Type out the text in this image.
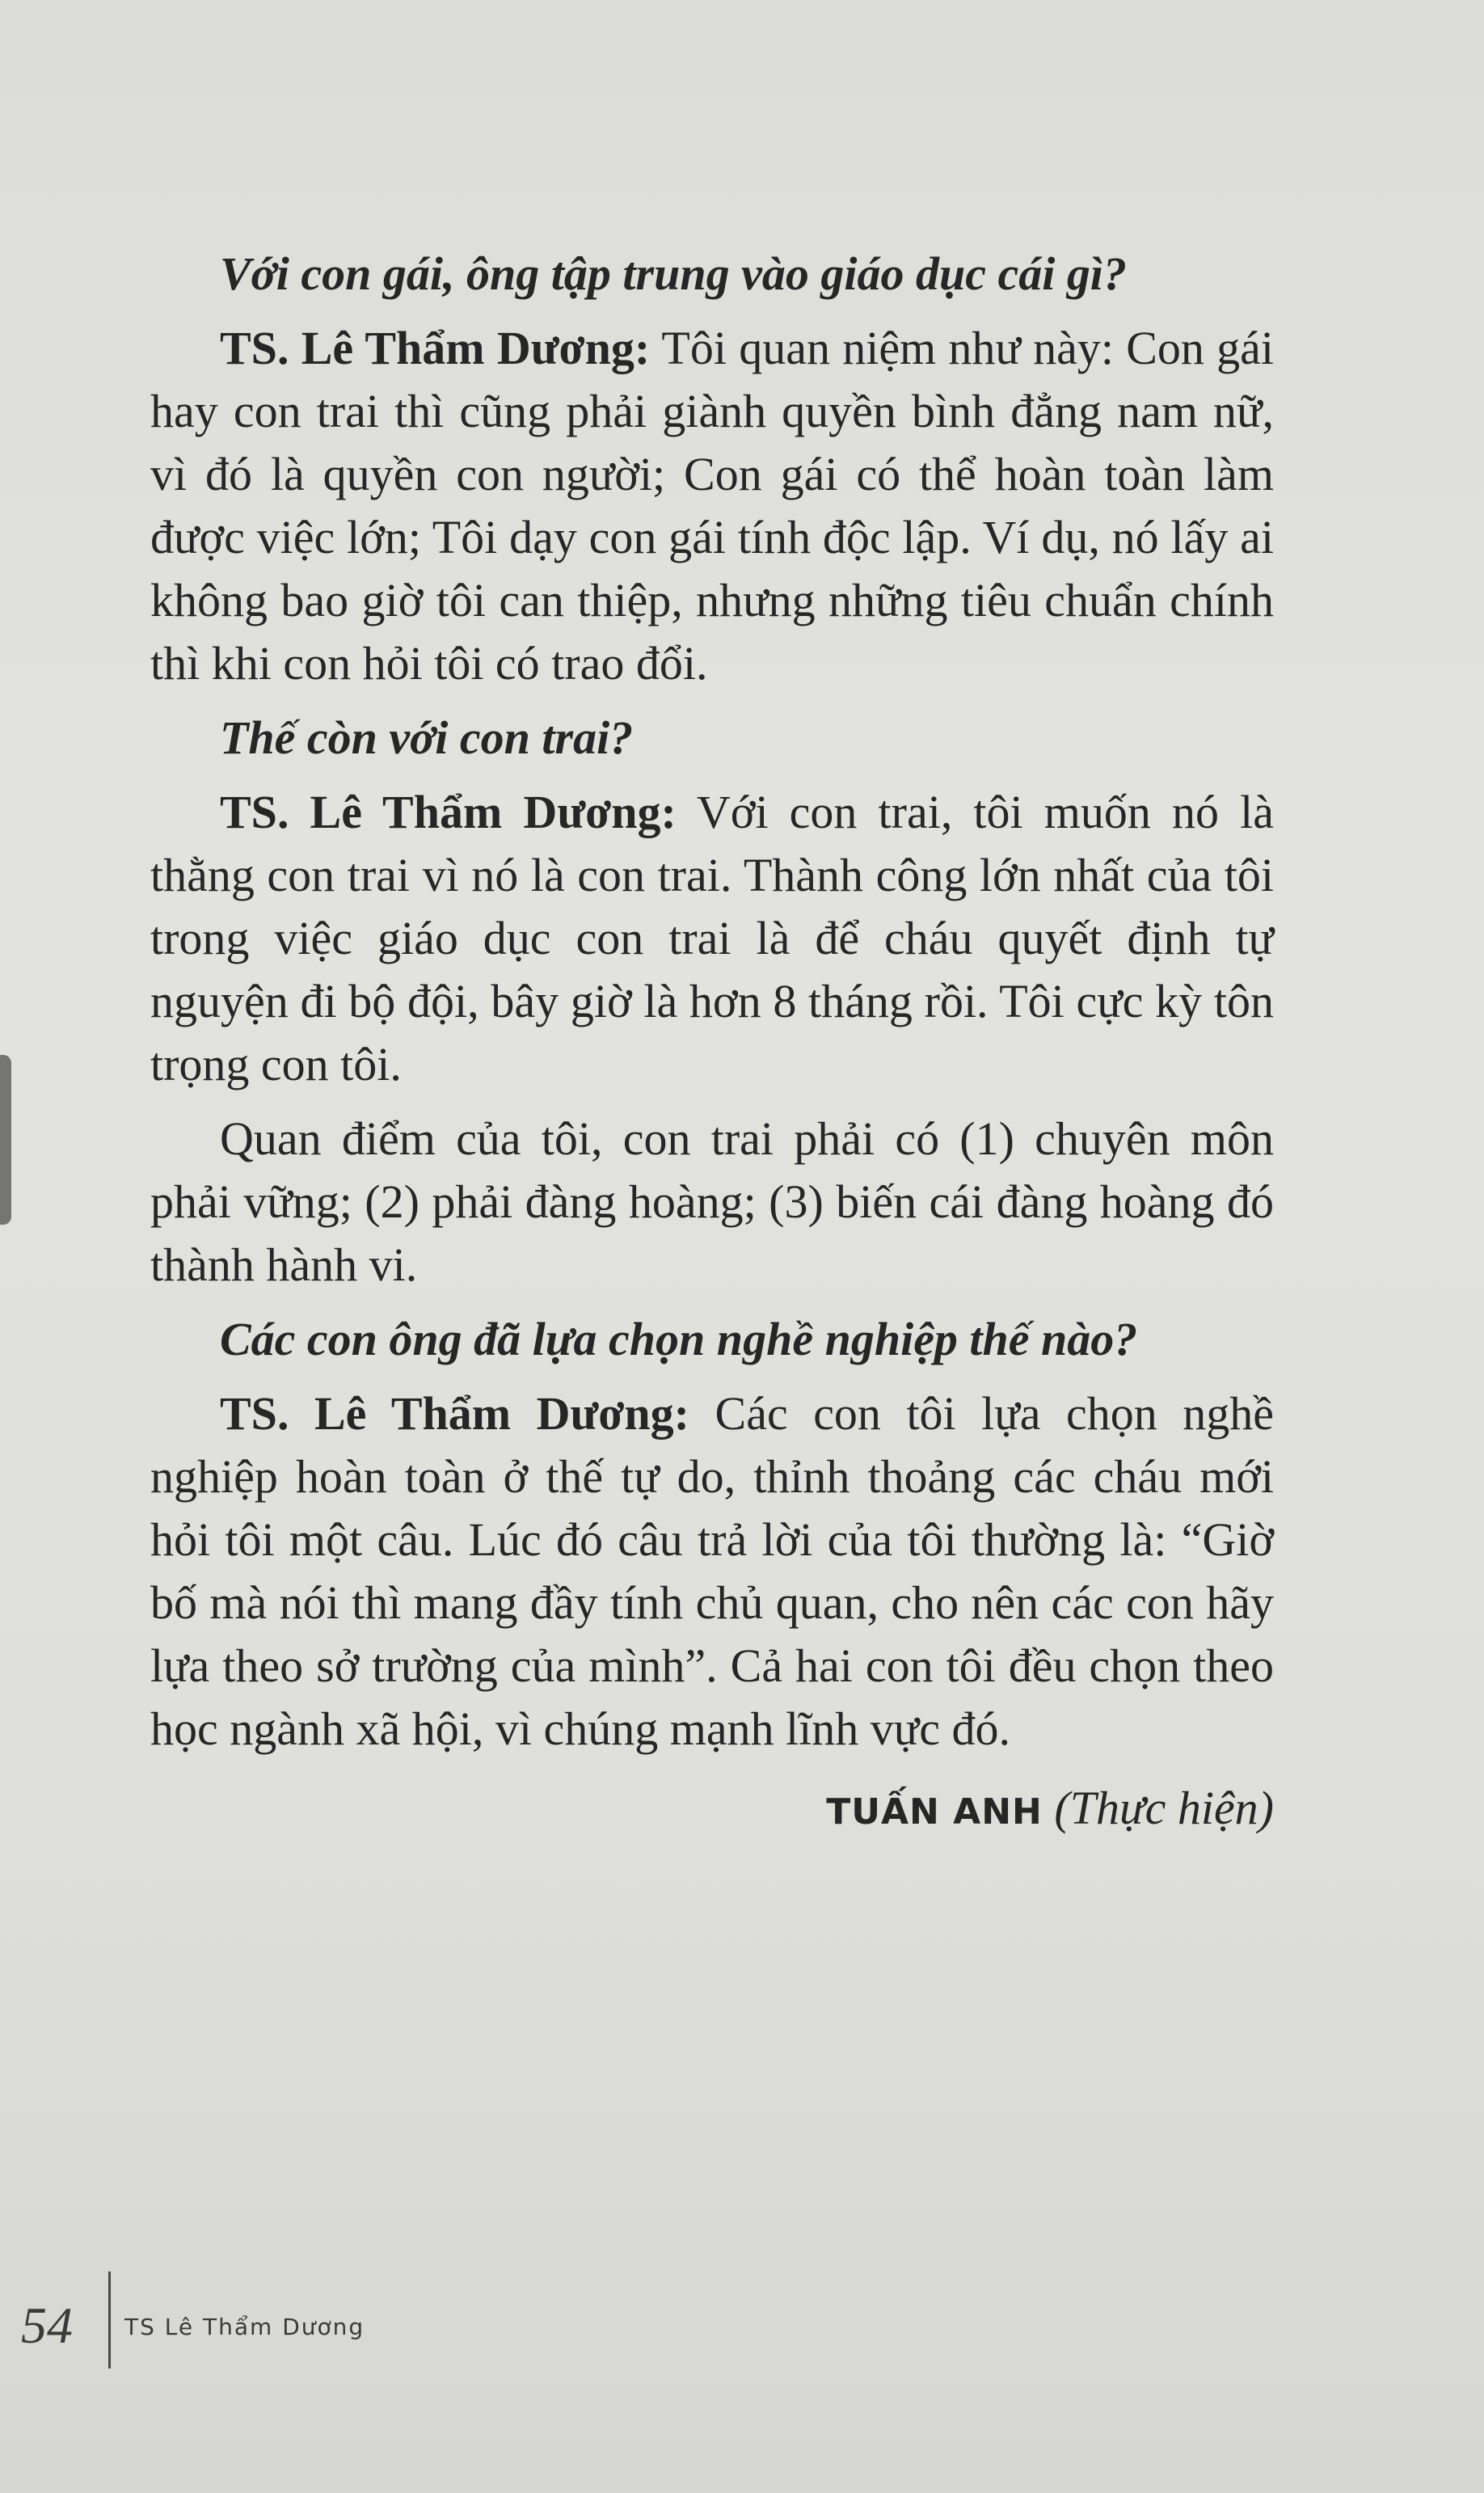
Với con gái, ông tập trung vào giáo dục cái gì?

TS. Lê Thẩm Dương: Tôi quan niệm như này: Con gái hay con trai thì cũng phải giành quyền bình đẳng nam nữ, vì đó là quyền con người; Con gái có thể hoàn toàn làm được việc lớn; Tôi dạy con gái tính độc lập. Ví dụ, nó lấy ai không bao giờ tôi can thiệp, nhưng những tiêu chuẩn chính thì khi con hỏi tôi có trao đổi.

Thế còn với con trai?

TS. Lê Thẩm Dương: Với con trai, tôi muốn nó là thằng con trai vì nó là con trai. Thành công lớn nhất của tôi trong việc giáo dục con trai là để cháu quyết định tự nguyện đi bộ đội, bây giờ là hơn 8 tháng rồi. Tôi cực kỳ tôn trọng con tôi.

Quan điểm của tôi, con trai phải có (1) chuyên môn phải vững; (2) phải đàng hoàng; (3) biến cái đàng hoàng đó thành hành vi.

Các con ông đã lựa chọn nghề nghiệp thế nào?

TS. Lê Thẩm Dương: Các con tôi lựa chọn nghề nghiệp hoàn toàn ở thế tự do, thỉnh thoảng các cháu mới hỏi tôi một câu. Lúc đó câu trả lời của tôi thường là: “Giờ bố mà nói thì mang đầy tính chủ quan, cho nên các con hãy lựa theo sở trường của mình”. Cả hai con tôi đều chọn theo học ngành xã hội, vì chúng mạnh lĩnh vực đó.

TUẤN ANH (Thực hiện)

54 TS Lê Thẩm Dương
